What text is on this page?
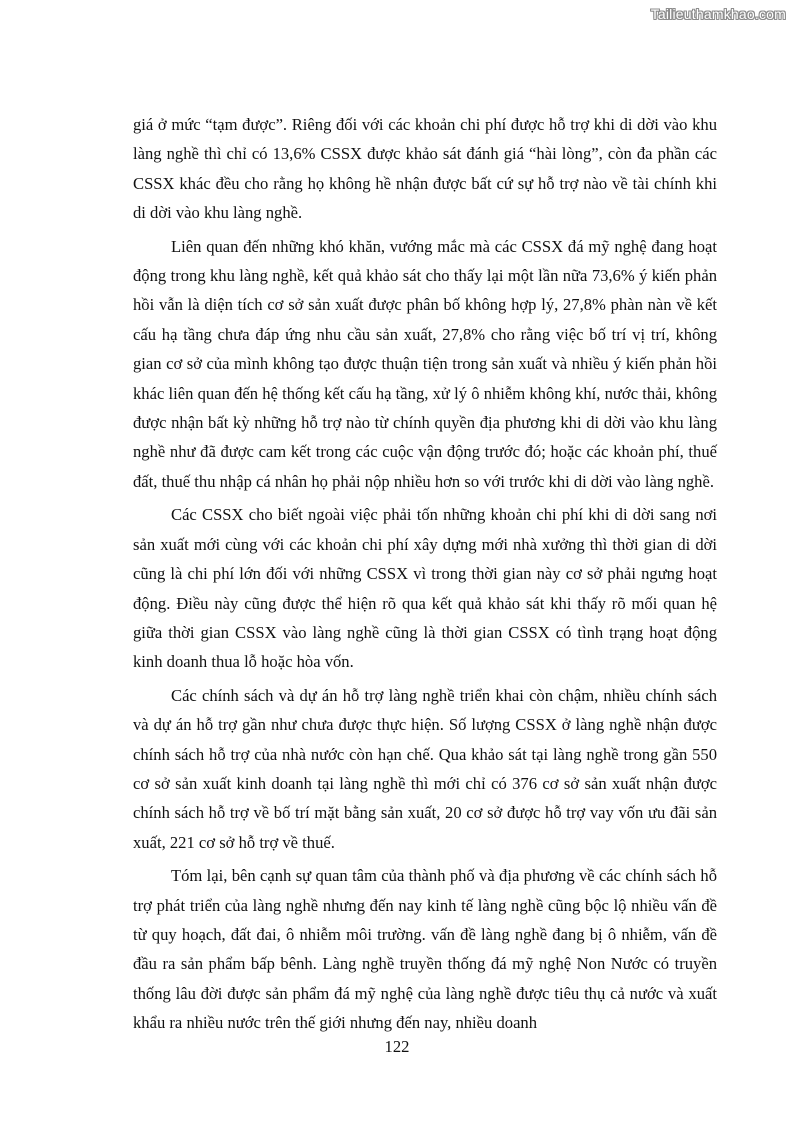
Tailieuthamkhao.com

giá ở mức “tạm được”. Riêng đối với các khoản chi phí được hỗ trợ khi di dời vào khu làng nghề thì chỉ có 13,6% CSSX được khảo sát đánh giá “hài lòng”, còn đa phần các CSSX khác đều cho rằng họ không hề nhận được bất cứ sự hỗ trợ nào về tài chính khi di dời vào khu làng nghề.

Liên quan đến những khó khăn, vướng mắc mà các CSSX đá mỹ nghệ đang hoạt động trong khu làng nghề, kết quả khảo sát cho thấy lại một lần nữa 73,6% ý kiến phản hồi vẫn là diện tích cơ sở sản xuất được phân bố không hợp lý, 27,8% phàn nàn về kết cấu hạ tầng chưa đáp ứng nhu cầu sản xuất, 27,8% cho rằng việc bố trí vị trí, không gian cơ sở của mình không tạo được thuận tiện trong sản xuất và nhiều ý kiến phản hồi khác liên quan đến hệ thống kết cấu hạ tầng, xử lý ô nhiễm không khí, nước thải, không được nhận bất kỳ những hỗ trợ nào từ chính quyền địa phương khi di dời vào khu làng nghề như đã được cam kết trong các cuộc vận động trước đó; hoặc các khoản phí, thuế đất, thuế thu nhập cá nhân họ phải nộp nhiều hơn so với trước khi di dời vào làng nghề.

Các CSSX cho biết ngoài việc phải tốn những khoản chi phí khi di dời sang nơi sản xuất mới cùng với các khoản chi phí xây dựng mới nhà xưởng thì thời gian di dời cũng là chi phí lớn đối với những CSSX vì trong thời gian này cơ sở phải ngưng hoạt động. Điều này cũng được thể hiện rõ qua kết quả khảo sát khi thấy rõ mối quan hệ giữa thời gian CSSX vào làng nghề cũng là thời gian CSSX có tình trạng hoạt động kinh doanh thua lỗ hoặc hòa vốn.

Các chính sách và dự án hỗ trợ làng nghề triển khai còn chậm, nhiều chính sách và dự án hỗ trợ gần như chưa được thực hiện. Số lượng CSSX ở làng nghề nhận được chính sách hỗ trợ của nhà nước còn hạn chế. Qua khảo sát tại làng nghề trong gần 550 cơ sở sản xuất kinh doanh tại làng nghề thì mới chỉ có 376 cơ sở sản xuất nhận được chính sách hỗ trợ về bố trí mặt bằng sản xuất, 20 cơ sở được hỗ trợ vay vốn ưu đãi sản xuất, 221 cơ sở hỗ trợ về thuế.

Tóm lại, bên cạnh sự quan tâm của thành phố và địa phương về các chính sách hỗ trợ phát triển của làng nghề nhưng đến nay kinh tế làng nghề cũng bộc lộ nhiều vấn đề từ quy hoạch, đất đai, ô nhiễm môi trường. vấn đề làng nghề đang bị ô nhiễm, vấn đề đầu ra sản phẩm bấp bênh. Làng nghề truyền thống đá mỹ nghệ Non Nước có truyền thống lâu đời được sản phẩm đá mỹ nghệ của làng nghề được tiêu thụ cả nước và xuất khẩu ra nhiều nước trên thế giới nhưng đến nay, nhiều doanh

122
